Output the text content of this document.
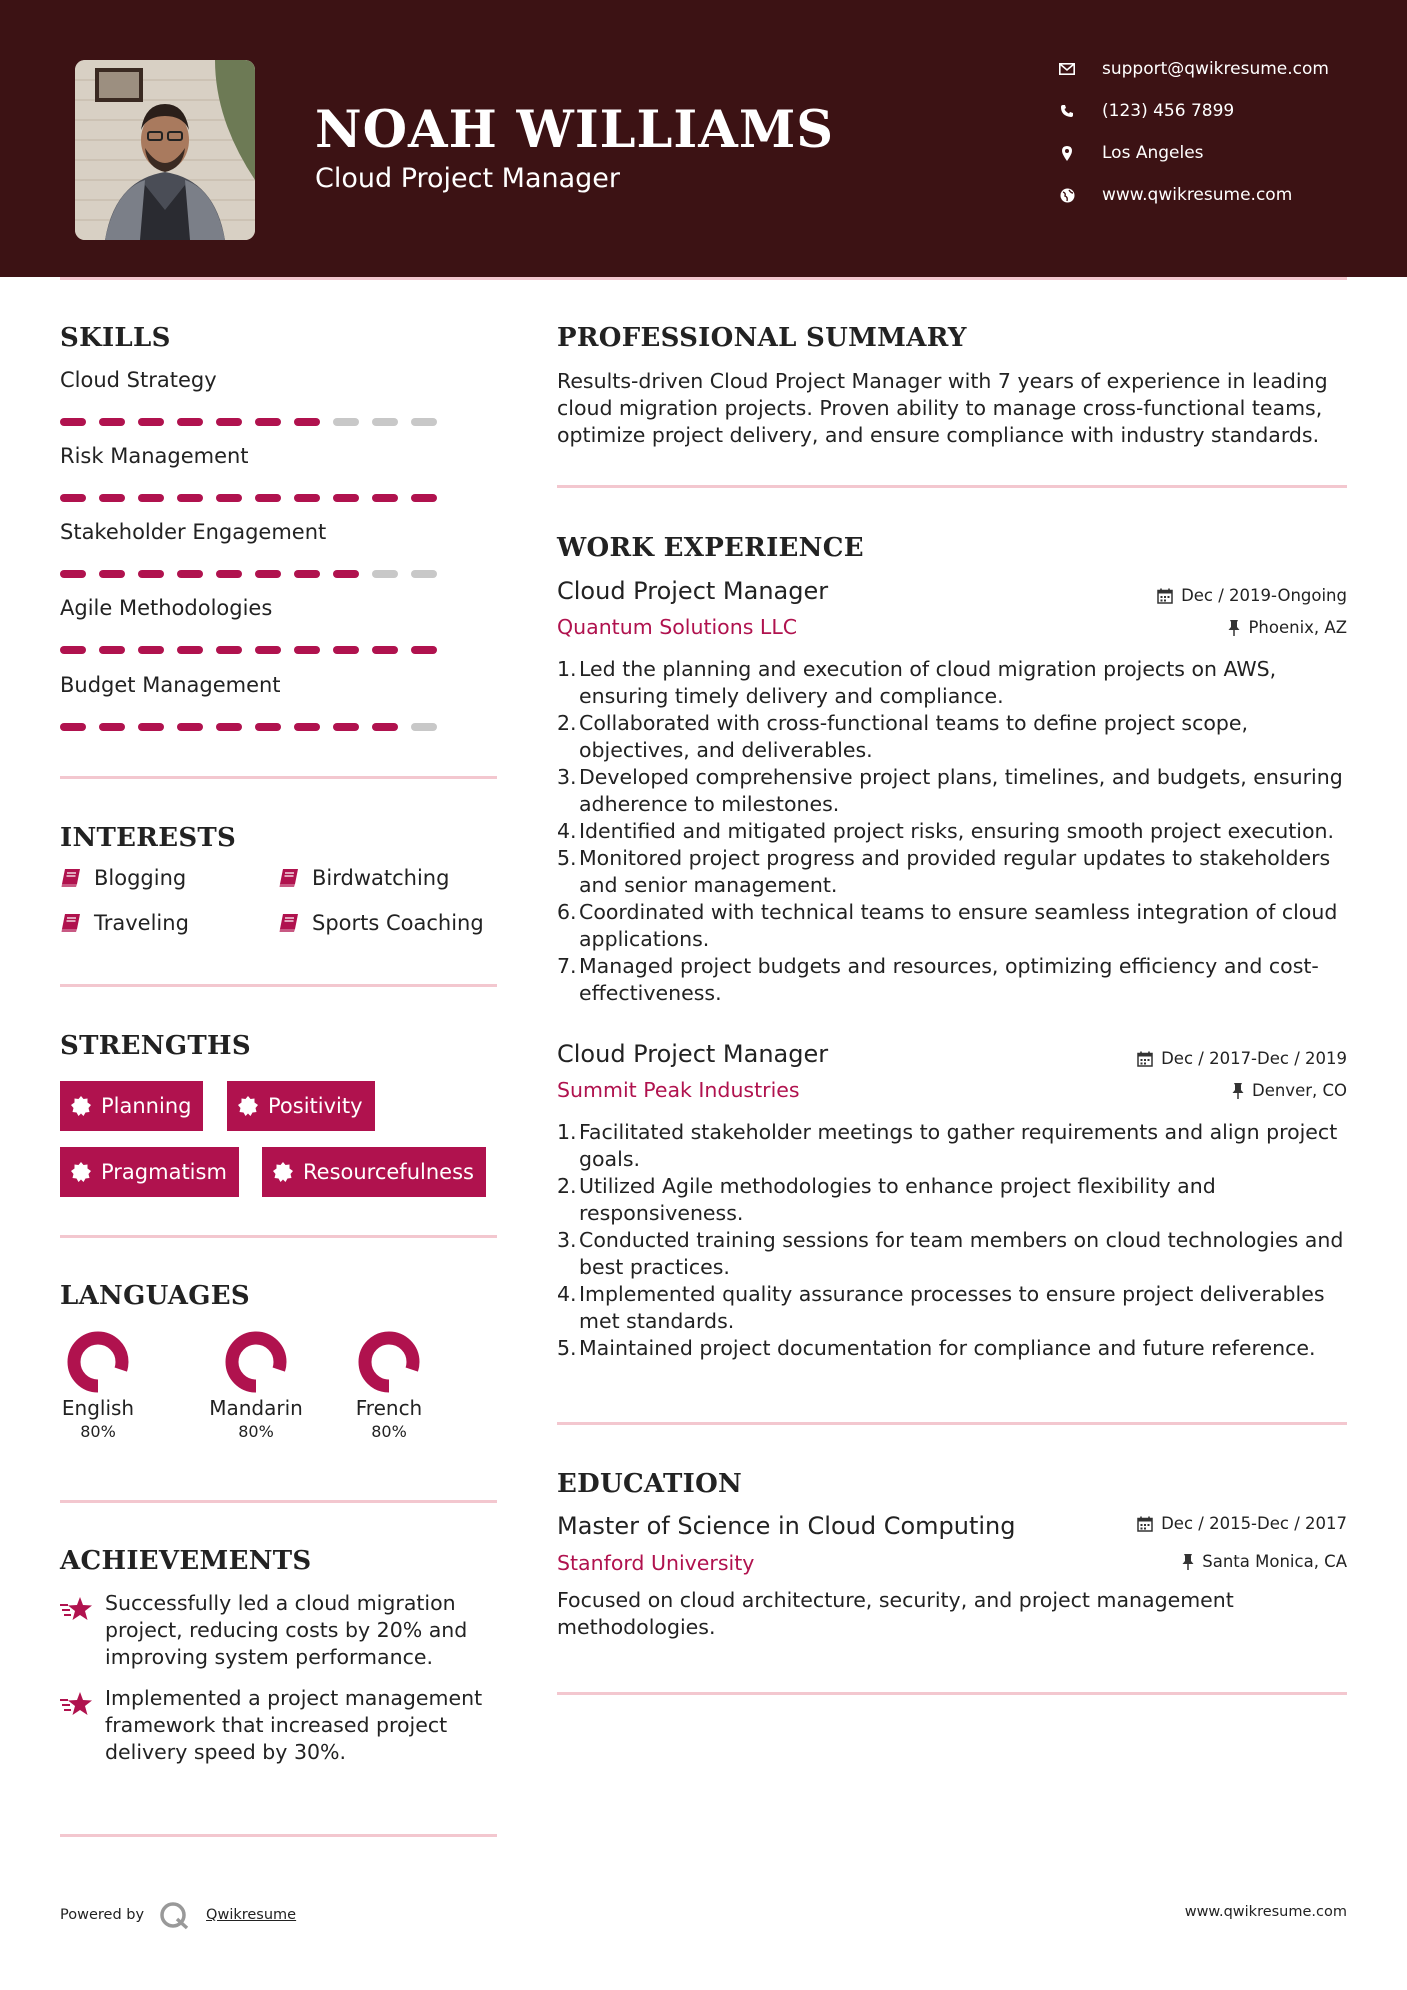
NOAH WILLIAMS
Cloud Project Manager
support@qwikresume.com
(123) 456 7899
Los Angeles
www.qwikresume.com
SKILLS
Cloud Strategy
Risk Management
Stakeholder Engagement
Agile Methodologies
Budget Management
INTERESTS
Blogging	Birdwatching
Traveling	Sports Coaching
STRENGTHS
Planning	Positivity
Pragmatism	Resourcefulness
LANGUAGES
English
80%
Mandarin
80%
French
80%
ACHIEVEMENTS
Successfully led a cloud migration project, reducing costs by 20% and improving system performance.
Implemented a project management framework that increased project delivery speed by 30%.
PROFESSIONAL SUMMARY
Results-driven Cloud Project Manager with 7 years of experience in leading cloud migration projects. Proven ability to manage cross-functional teams, optimize project delivery, and ensure compliance with industry standards.
WORK EXPERIENCE
Cloud Project Manager
Quantum Solutions LLC
Dec / 2019-Ongoing
Phoenix, AZ
1. Led the planning and execution of cloud migration projects on AWS, ensuring timely delivery and compliance.
2. Collaborated with cross-functional teams to define project scope, objectives, and deliverables.
3. Developed comprehensive project plans, timelines, and budgets, ensuring adherence to milestones.
4. Identified and mitigated project risks, ensuring smooth project execution.
5. Monitored project progress and provided regular updates to stakeholders and senior management.
6. Coordinated with technical teams to ensure seamless integration of cloud applications.
7. Managed project budgets and resources, optimizing efficiency and cost-effectiveness.
Cloud Project Manager
Summit Peak Industries
Dec / 2017-Dec / 2019
Denver, CO
1. Facilitated stakeholder meetings to gather requirements and align project goals.
2. Utilized Agile methodologies to enhance project flexibility and responsiveness.
3. Conducted training sessions for team members on cloud technologies and best practices.
4. Implemented quality assurance processes to ensure project deliverables met standards.
5. Maintained project documentation for compliance and future reference.
EDUCATION
Master of Science in Cloud Computing
Stanford University
Dec / 2015-Dec / 2017
Santa Monica, CA
Focused on cloud architecture, security, and project management methodologies.
Powered by	Qwikresume	www.qwikresume.com
